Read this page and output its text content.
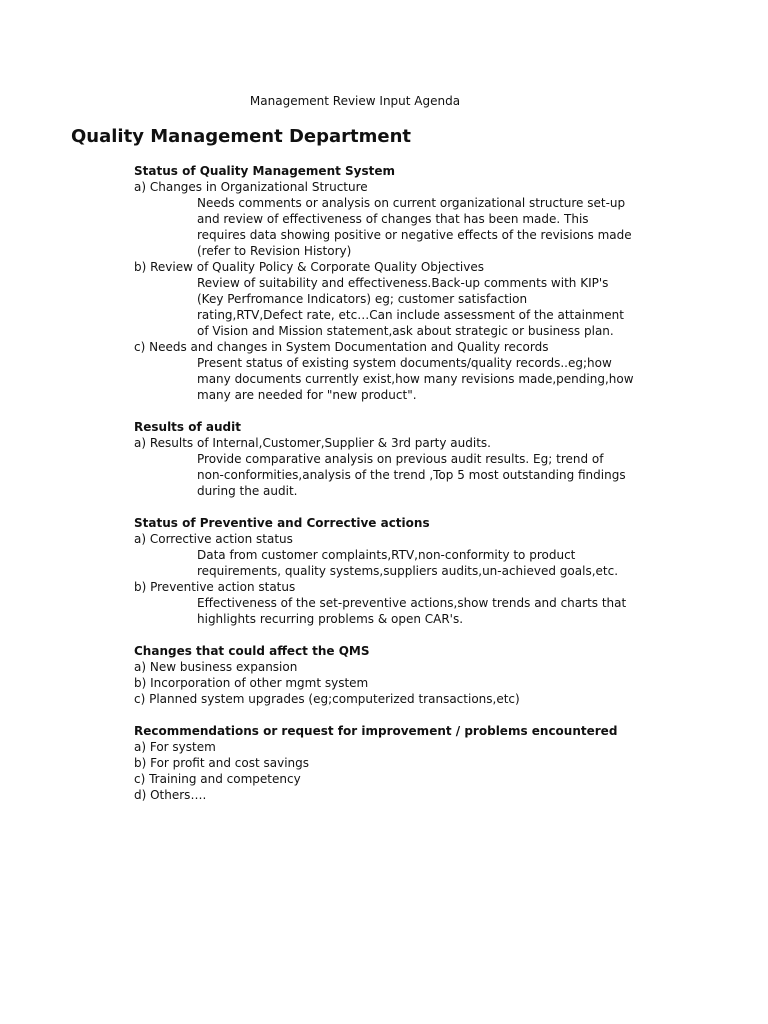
Management Review Input Agenda
Quality Management Department
Status of Quality Management System
a) Changes in Organizational Structure
Needs comments or analysis on current organizational structure set-up and review of effectiveness of changes that has been made. This requires data showing positive or negative effects of the revisions made (refer to Revision History)
b) Review of Quality Policy & Corporate Quality Objectives
Review of suitability and effectiveness.Back-up comments with KIP's (Key Perfromance Indicators) eg; customer satisfaction rating,RTV,Defect rate, etc…Can include assessment of the attainment of Vision and Mission statement,ask about strategic or business plan.
c) Needs and changes in System Documentation and Quality records
Present status of existing system documents/quality records..eg;how many documents currently exist,how many revisions made,pending,how many are needed for "new product".
Results of audit
a) Results of Internal,Customer,Supplier & 3rd party audits.
Provide comparative analysis on previous audit results. Eg; trend of non-conformities,analysis of the trend ,Top 5 most outstanding findings during the audit.
Status of Preventive and Corrective actions
a) Corrective action status
Data from customer complaints,RTV,non-conformity to product requirements, quality systems,suppliers audits,un-achieved goals,etc.
b) Preventive action status
Effectiveness of the set-preventive actions,show trends and charts that highlights recurring problems & open CAR's.
Changes that could affect the QMS
a) New business expansion
b) Incorporation of other mgmt system
c) Planned system upgrades (eg;computerized transactions,etc)
Recommendations or request for improvement / problems encountered
a) For system
b) For profit and cost savings
c) Training and competency
d) Others….
